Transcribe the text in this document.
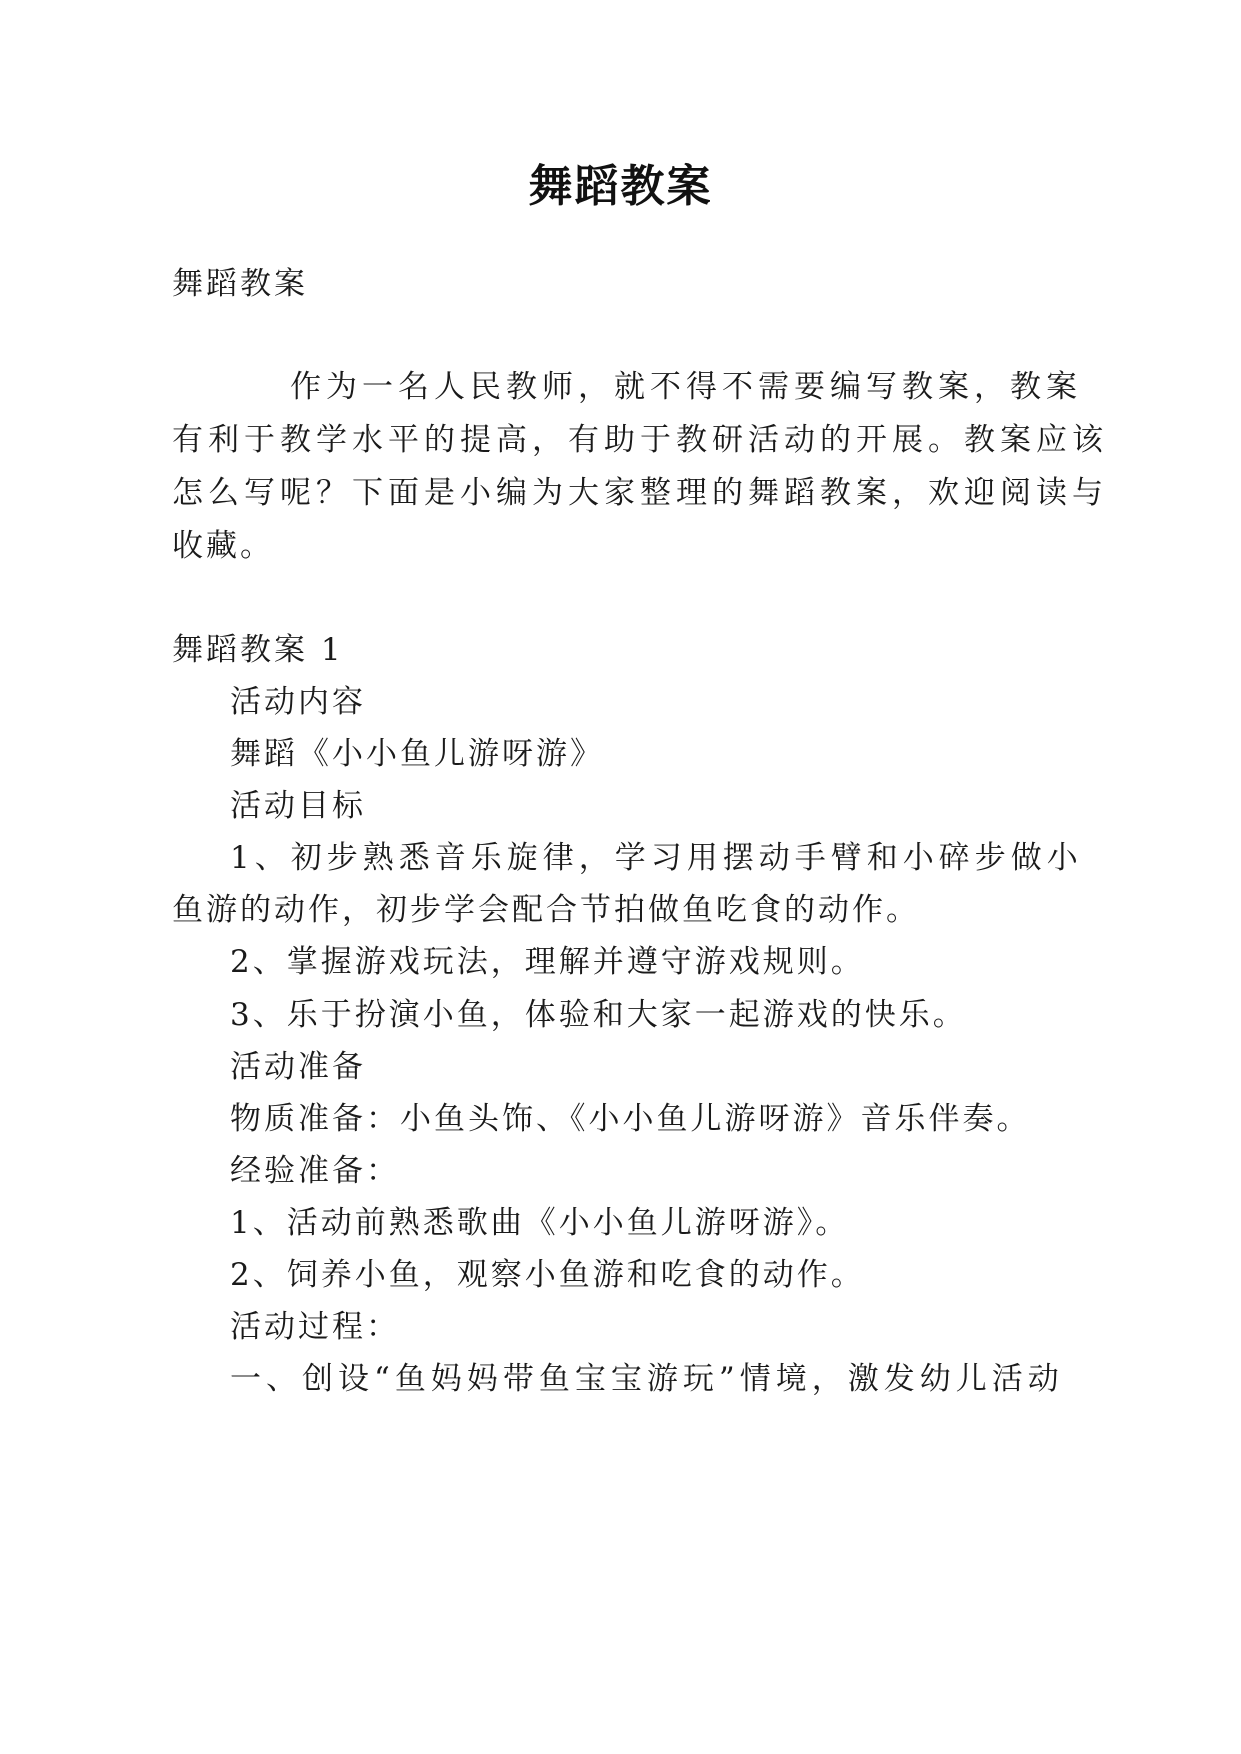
舞蹈教案
舞蹈教案
作为一名人民教师，就不得不需要编写教案，教案
有利于教学水平的提高，有助于教研活动的开展。教案应该
怎么写呢？下面是小编为大家整理的舞蹈教案，欢迎阅读与
收藏。
舞蹈教案 1
活动内容
舞蹈《小小鱼儿游呀游》
活动目标
1、初步熟悉音乐旋律，学习用摆动手臂和小碎步做小
鱼游的动作，初步学会配合节拍做鱼吃食的动作。
2、掌握游戏玩法，理解并遵守游戏规则。
3、乐于扮演小鱼，体验和大家一起游戏的快乐。
活动准备
物质准备：小鱼头饰、《小小鱼儿游呀游》音乐伴奏。
经验准备：
1、活动前熟悉歌曲《小小鱼儿游呀游》。
2、饲养小鱼，观察小鱼游和吃食的动作。
活动过程：
一、创设“鱼妈妈带鱼宝宝游玩”情境，激发幼儿活动
